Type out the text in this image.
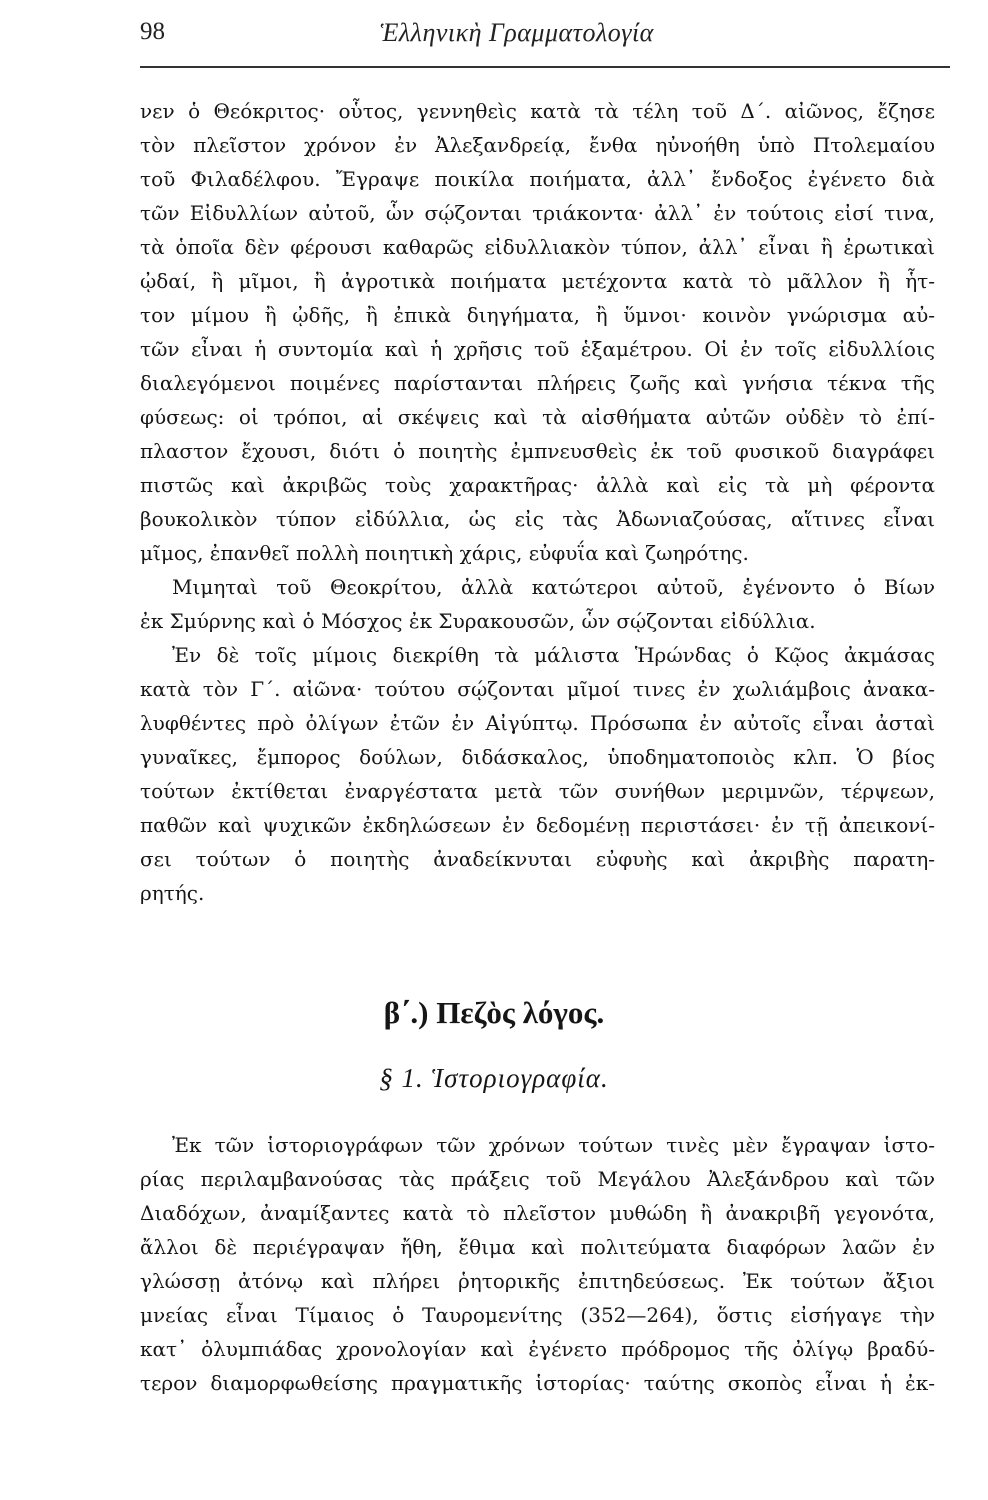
98	Ἑλληνικὴ Γραμματολογία
νεν ὁ Θεόκριτος· οὗτος, γεννηθεὶς κατὰ τὰ τέλη τοῦ Δ΄. αἰῶνος, ἔζησε
τὸν πλεῖστον χρόνον ἐν Ἀλεξανδρείᾳ, ἔνθα ηὐνοήθη ὑπὸ Πτολεμαίου
τοῦ Φιλαδέλφου. Ἔγραψε ποικίλα ποιήματα, ἀλλ᾽ ἔνδοξος ἐγένετο διὰ
τῶν Εἰδυλλίων αὐτοῦ, ὧν σῴζονται τριάκοντα· ἀλλ᾽ ἐν τούτοις εἰσί τινα,
τὰ ὁποῖα δὲν φέρουσι καθαρῶς εἰδυλλιακὸν τύπον, ἀλλ᾽ εἶναι ἢ ἐρωτικαὶ
ᾠδαί, ἢ μῖμοι, ἢ ἀγροτικὰ ποιήματα μετέχοντα κατὰ τὸ μᾶλλον ἢ ἧτ-
τον μίμου ἢ ᾠδῆς, ἢ ἐπικὰ διηγήματα, ἢ ὕμνοι· κοινὸν γνώρισμα αὐ-
τῶν εἶναι ἡ συντομία καὶ ἡ χρῆσις τοῦ ἑξαμέτρου. Οἱ ἐν τοῖς εἰδυλλίοις
διαλεγόμενοι ποιμένες παρίστανται πλήρεις ζωῆς καὶ γνήσια τέκνα τῆς
φύσεως: οἱ τρόποι, αἱ σκέψεις καὶ τὰ αἰσθήματα αὐτῶν οὐδὲν τὸ ἐπί-
πλαστον ἔχουσι, διότι ὁ ποιητὴς ἐμπνευσθεὶς ἐκ τοῦ φυσικοῦ διαγράφει
πιστῶς καὶ ἀκριβῶς τοὺς χαρακτῆρας· ἀλλὰ καὶ εἰς τὰ μὴ φέροντα
βουκολικὸν τύπον εἰδύλλια, ὡς εἰς τὰς Ἀδωνιαζούσας, αἵτινες εἶναι
μῖμος, ἐπανθεῖ πολλὴ ποιητικὴ χάρις, εὐφυΐα καὶ ζωηρότης.
Μιμηταὶ τοῦ Θεοκρίτου, ἀλλὰ κατώτεροι αὐτοῦ, ἐγένοντο ὁ Βίων
ἐκ Σμύρνης καὶ ὁ Μόσχος ἐκ Συρακουσῶν, ὧν σῴζονται εἰδύλλια.
Ἐν δὲ τοῖς μίμοις διεκρίθη τὰ μάλιστα Ἡρώνδας ὁ Κῷος ἀκμάσας
κατὰ τὸν Γ΄. αἰῶνα· τούτου σῴζονται μῖμοί τινες ἐν χωλιάμβοις ἀνακα-
λυφθέντες πρὸ ὀλίγων ἐτῶν ἐν Αἰγύπτῳ. Πρόσωπα ἐν αὐτοῖς εἶναι ἀσταὶ
γυναῖκες, ἔμπορος δούλων, διδάσκαλος, ὑποδηματοποιὸς κλπ. Ὁ βίος
τούτων ἐκτίθεται ἐναργέστατα μετὰ τῶν συνήθων μεριμνῶν, τέρψεων,
παθῶν καὶ ψυχικῶν ἐκδηλώσεων ἐν δεδομένῃ περιστάσει· ἐν τῇ ἀπεικονί-
σει τούτων ὁ ποιητὴς ἀναδείκνυται εὐφυὴς καὶ ἀκριβὴς παρατη-
ρητής.
β΄.) Πεζὸς λόγος.
§ 1. Ἱστοριογραφία.
Ἐκ τῶν ἱστοριογράφων τῶν χρόνων τούτων τινὲς μὲν ἔγραψαν ἱστο-
ρίας περιλαμβανούσας τὰς πράξεις τοῦ Μεγάλου Ἀλεξάνδρου καὶ τῶν
Διαδόχων, ἀναμίξαντες κατὰ τὸ πλεῖστον μυθώδη ἢ ἀνακριβῆ γεγονότα,
ἄλλοι δὲ περιέγραψαν ἤθη, ἔθιμα καὶ πολιτεύματα διαφόρων λαῶν ἐν
γλώσσῃ ἀτόνῳ καὶ πλήρει ῥητορικῆς ἐπιτηδεύσεως. Ἐκ τούτων ἄξιοι
μνείας εἶναι Τίμαιος ὁ Ταυρομενίτης (352—264), ὅστις εἰσήγαγε τὴν
κατ᾽ ὀλυμπιάδας χρονολογίαν καὶ ἐγένετο πρόδρομος τῆς ὀλίγῳ βραδύ-
τερον διαμορφωθείσης πραγματικῆς ἱστορίας· ταύτης σκοπὸς εἶναι ἡ ἐκ-
